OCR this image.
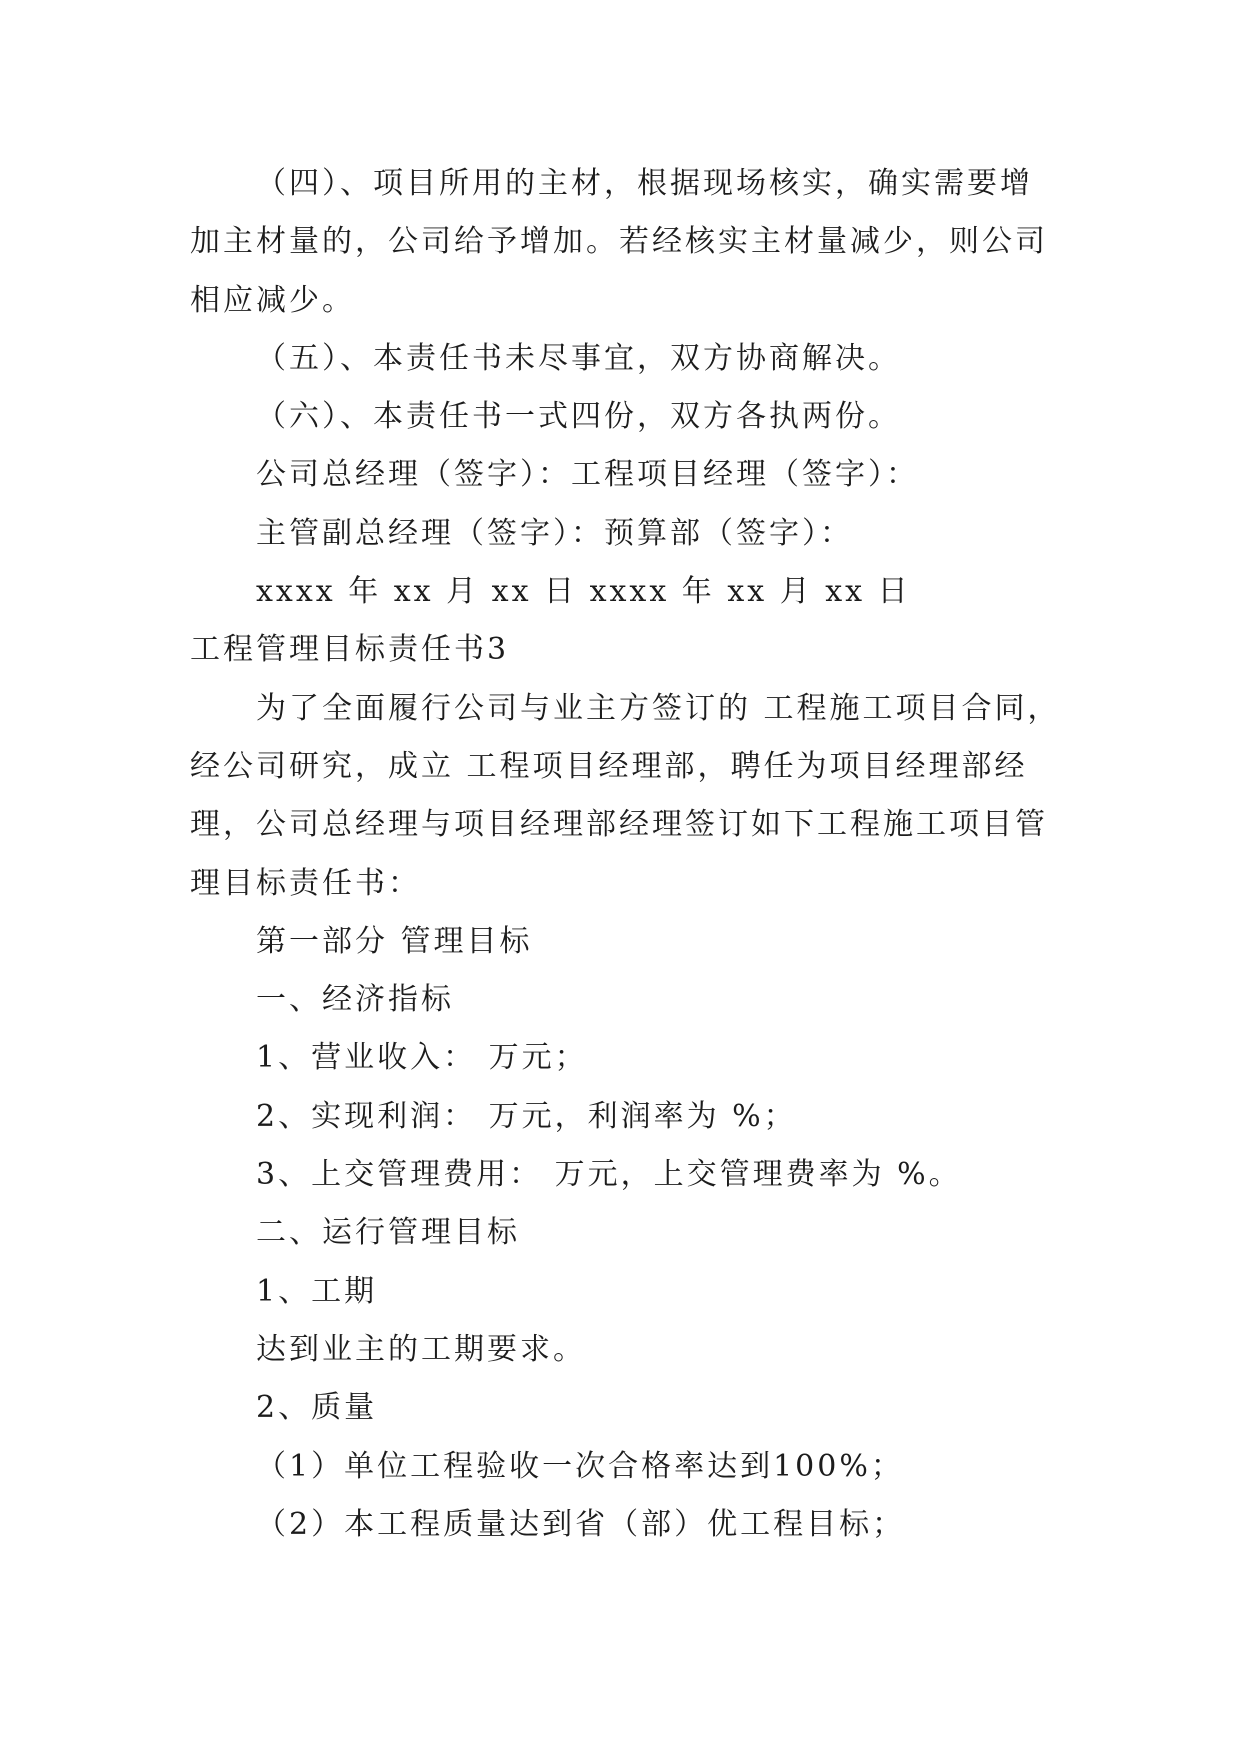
（四）、项目所用的主材，根据现场核实，确实需要增
加主材量的，公司给予增加。若经核实主材量减少，则公司
相应减少。
（五）、本责任书未尽事宜，双方协商解决。
（六）、本责任书一式四份，双方各执两份。
公司总经理（签字）：工程项目经理（签字）：
主管副总经理（签字）：预算部（签字）：
xxxx 年 xx 月 xx 日 xxxx 年 xx 月 xx 日
工程管理目标责任书3
为了全面履行公司与业主方签订的 工程施工项目合同，
经公司研究，成立 工程项目经理部，聘任为项目经理部经
理，公司总经理与项目经理部经理签订如下工程施工项目管
理目标责任书：
第一部分 管理目标
一、经济指标
1、营业收入： 万元；
2、实现利润： 万元，利润率为 %；
3、上交管理费用： 万元，上交管理费率为 %。
二、运行管理目标
1、工期
达到业主的工期要求。
2、质量
（1）单位工程验收一次合格率达到100%；
（2）本工程质量达到省（部）优工程目标；
